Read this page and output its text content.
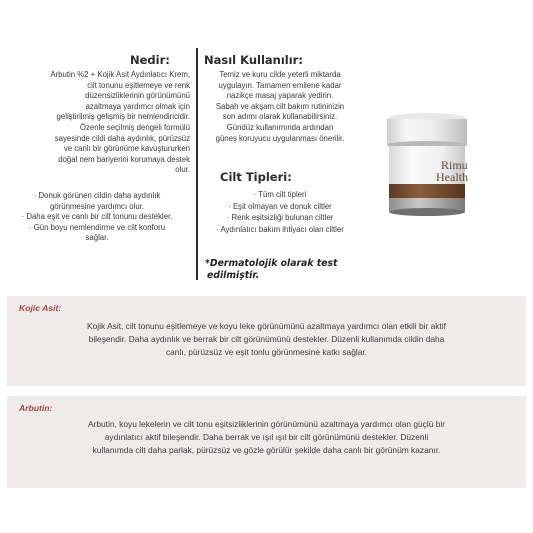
Nedir:
Arbutin %2 + Kojik Asit Aydınlatıcı Krem,
cilt tonunu eşitlemeye ve renk
düzensizliklerinin görünümünü
azaltmaya yardımcı olmak için
geliştirilmiş gelişmiş bir nemlendiricidir.
Özenle seçilmiş dengeli formülü
sayesinde cildi daha aydınlık, pürüzsüz
ve canlı bir görünüme kavuştururken
doğal nem bariyerini korumaya destek
olur.
· Donuk görünen cildin daha aydınlık
görünmesine yardımcı olur.
· Daha eşit ve canlı bir cilt tonunu destekler.
· Gün boyu nemlendirme ve cilt konforu
sağlar.
Nasıl Kullanılır:
Temiz ve kuru cilde yeterli miktarda
uygulayın. Tamamen emilene kadar
nazikçe masaj yaparak yedirin.
Sabah ve akşam cilt bakım rutininizin
son adımı olarak kullanabilirsiniz.
Gündüz kullanımında ardından
güneş koruyucu uygulanması önerilir.
Cilt Tipleri:
· Tüm cilt tipleri
· Eşit olmayan ve donuk ciltler
· Renk eşitsizliği bulunan ciltler
· Aydınlatıcı bakım ihtiyacı olan ciltler
*Dermatolojik olarak test
edilmiştir.
Rimu
Health
Kojic Asit:
Kojik Asit, cilt tonunu eşitlemeye ve koyu leke görünümünü azaltmaya yardımcı olan etkili bir aktif
bileşendir. Daha aydınlık ve berrak bir cilt görünümünü destekler. Düzenli kullanımda cildin daha
canlı, pürüzsüz ve eşit tonlu görünmesine katkı sağlar.
Arbutin:
Arbutin, koyu lekelerin ve cilt tonu eşitsizliklerinin görünümünü azaltmaya yardımcı olan güçlü bir
aydınlatıcı aktif bileşendir. Daha berrak ve ışıl ışıl bir cilt görünümünü destekler. Düzenli
kullanımda cilt daha parlak, pürüzsüz ve gözle görülür şekilde daha canlı bir görünüm kazanır.
